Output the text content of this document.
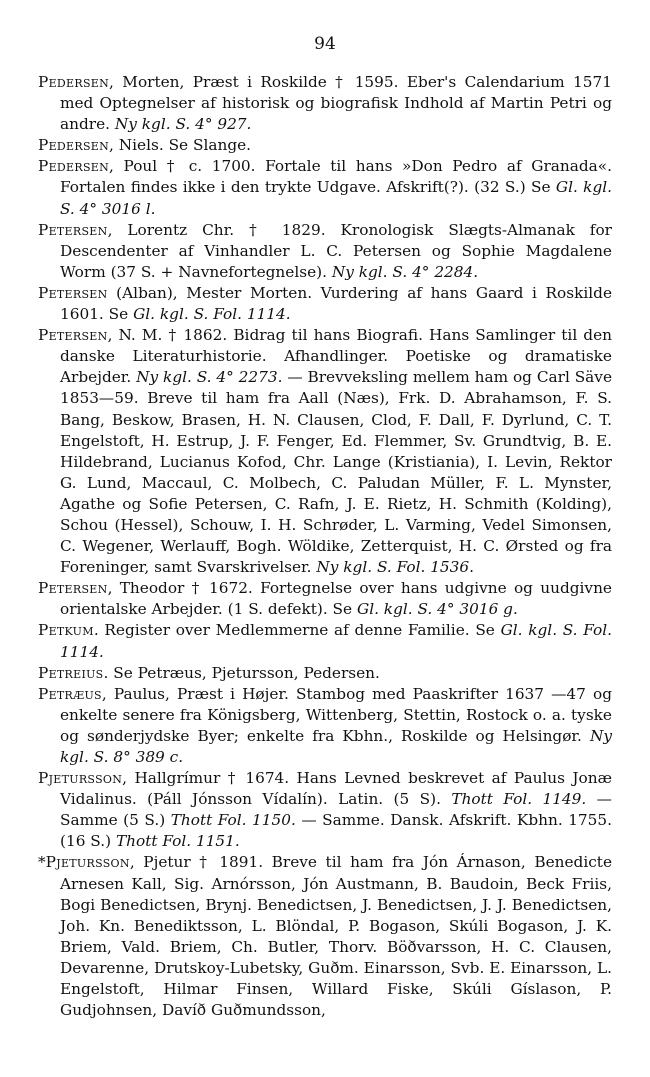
94

Pedersen, Morten, Præst i Roskilde † 1595. Eber's Calendarium 1571 med Optegnelser af historisk og biografisk Indhold af Martin Petri og andre. Ny kgl. S. 4° 927.

Pedersen, Niels. Se Slange.

Pedersen, Poul † c. 1700. Fortale til hans »Don Pedro af Granada«. Fortalen findes ikke i den trykte Udgave. Afskrift(?). (32 S.) Se Gl. kgl. S. 4° 3016 l.

Petersen, Lorentz Chr. † 1829. Kronologisk Slægts-Almanak for Descendenter af Vinhandler L. C. Petersen og Sophie Magdalene Worm (37 S. + Navnefortegnelse). Ny kgl. S. 4° 2284.

Petersen (Alban), Mester Morten. Vurdering af hans Gaard i Roskilde 1601. Se Gl. kgl. S. Fol. 1114.

Petersen, N. M. † 1862. Bidrag til hans Biografi. Hans Samlinger til den danske Literaturhistorie. Afhandlinger. Poetiske og dramatiske Arbejder. Ny kgl. S. 4° 2273. — Brevveksling mellem ham og Carl Säve 1853—59. Breve til ham fra Aall (Næs), Frk. D. Abrahamson, F. S. Bang, Beskow, Brasen, H. N. Clausen, Clod, F. Dall, F. Dyrlund, C. T. Engelstoft, H. Estrup, J. F. Fenger, Ed. Flemmer, Sv. Grundtvig, B. E. Hildebrand, Lucianus Kofod, Chr. Lange (Kristiania), I. Levin, Rektor G. Lund, Maccaul, C. Molbech, C. Paludan Müller, F. L. Mynster, Agathe og Sofie Petersen, C. Rafn, J. E. Rietz, H. Schmith (Kolding), Schou (Hessel), Schouw, I. H. Schrøder, L. Varming, Vedel Simonsen, C. Wegener, Werlauff, Bogh. Wöldike, Zetterquist, H. C. Ørsted og fra Foreninger, samt Svarskrivelser. Ny kgl. S. Fol. 1536.

Petersen, Theodor † 1672. Fortegnelse over hans udgivne og uudgivne orientalske Arbejder. (1 S. defekt). Se Gl. kgl. S. 4° 3016 g.

Petkum. Register over Medlemmerne af denne Familie. Se Gl. kgl. S. Fol. 1114.

Petreius. Se Petræus, Pjetursson, Pedersen.

Petræus, Paulus, Præst i Højer. Stambog med Paaskrifter 1637 —47 og enkelte senere fra Königsberg, Wittenberg, Stettin, Rostock o. a. tyske og sønderjydske Byer; enkelte fra Kbhn., Roskilde og Helsingør. Ny kgl. S. 8° 389 c.

Pjetursson, Hallgrímur † 1674. Hans Levned beskrevet af Paulus Jonæ Vidalinus. (Páll Jónsson Vídalín). Latin. (5 S). Thott Fol. 1149. — Samme (5 S.) Thott Fol. 1150. — Samme. Dansk. Afskrift. Kbhn. 1755. (16 S.) Thott Fol. 1151.

*Pjetursson, Pjetur † 1891. Breve til ham fra Jón Árnason, Benedicte Arnesen Kall, Sig. Arnórsson, Jón Austmann, B. Baudoin, Beck Friis, Bogi Benedictsen, Brynj. Benedictsen, J. Benedictsen, J. J. Benedictsen, Joh. Kn. Benediktsson, L. Blöndal, P. Bogason, Skúli Bogason, J. K. Briem, Vald. Briem, Ch. Butler, Thorv. Böðvarsson, H. C. Clausen, Devarenne, Drutskoy-Lubetsky, Guðm. Einarsson, Svb. E. Einarsson, L. Engelstoft, Hilmar Finsen, Willard Fiske, Skúli Gíslason, P. Gudjohnsen, Davíð Guðmundsson,
